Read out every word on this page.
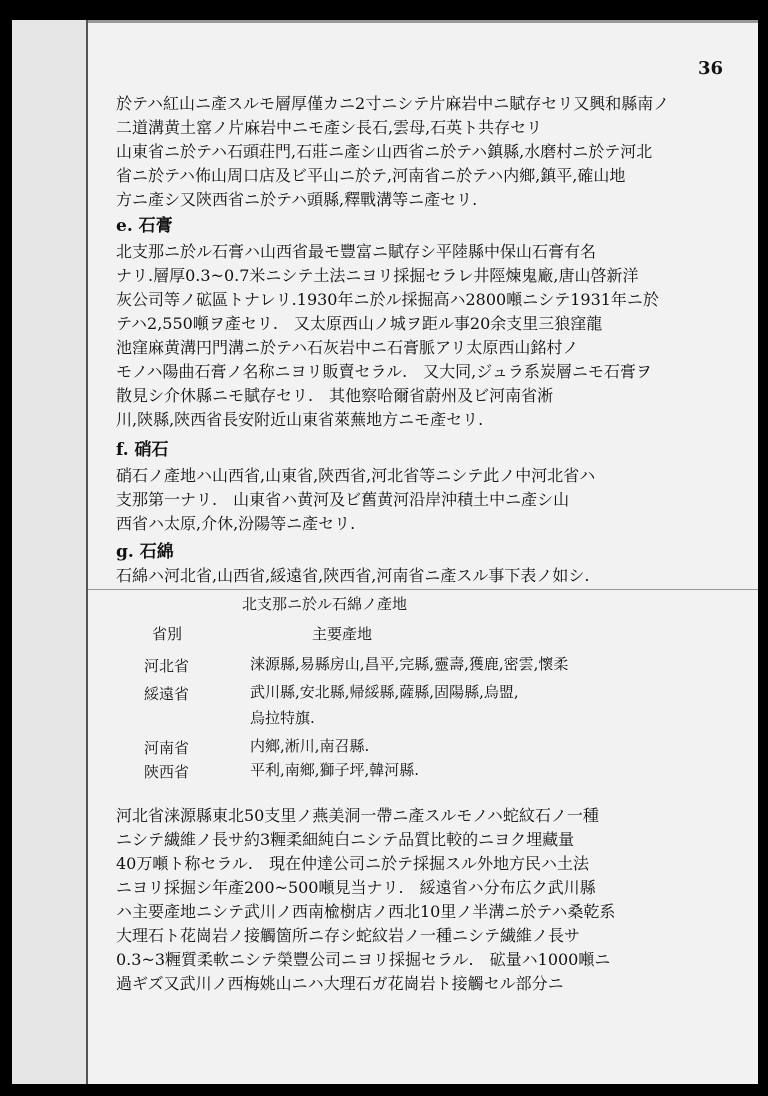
36
於テハ紅山ニ產スルモ層厚僅カニ2寸ニシテ片麻岩中ニ賦存セリ又興和縣南ノ
二道溝黄土窰ノ片麻岩中ニモ產シ長石,雲母,石英ト共存セリ
山東省ニ於テハ石頭荘門,石莊ニ產シ山西省ニ於テハ鎮縣,水磨村ニ於テ河北
省ニ於テハ佈山周口店及ビ平山ニ於テ,河南省ニ於テハ内鄉,鎮平,確山地
方ニ產シ又陝西省ニ於テハ頭縣,釋戰溝等ニ產セリ.
e. 石膏
北支那ニ於ル石膏ハ山西省最モ豐富ニ賦存シ平陸縣中保山石膏有名
ナリ.層厚0.3~0.7米ニシテ土法ニヨリ採掘セラレ井陘煉鬼廠,唐山啓新洋
灰公司等ノ砿區トナレリ.1930年ニ於ル採掘高ハ2800噸ニシテ1931年ニ於
テハ2,550噸ヲ產セリ.　又太原西山ノ城ヲ距ル事20余支里三狼窪龍
池窪麻黄溝円門溝ニ於テハ石灰岩中ニ石膏脈アリ太原西山銘村ノ
モノハ陽曲石膏ノ名称ニヨリ販賣セラル.　又大同,ジュラ系炭層ニモ石膏ヲ
散見シ介休縣ニモ賦存セリ.　其他察哈爾省蔚州及ビ河南省淅
川,陝縣,陝西省長安附近山東省萊蕪地方ニモ產セリ.
f. 硝石
硝石ノ產地ハ山西省,山東省,陝西省,河北省等ニシテ此ノ中河北省ハ
支那第一ナリ.　山東省ハ黄河及ビ舊黄河沿岸沖積土中ニ產シ山
西省ハ太原,介休,汾陽等ニ產セリ.
g. 石綿
石綿ハ河北省,山西省,綏遠省,陝西省,河南省ニ產スル事下表ノ如シ.
北支那ニ於ル石綿ノ產地
省別	主要產地
河北省	涞源縣,易縣房山,昌平,完縣,靈壽,獲鹿,密雲,懷柔
綏遠省	武川縣,安北縣,帰綏縣,薩縣,固陽縣,烏盟,
烏拉特旗.
河南省	内鄉,淅川,南召縣.
陝西省	平利,南鄉,獅子坪,韓河縣.
河北省涞源縣東北50支里ノ燕美洞一帶ニ產スルモノハ蛇紋石ノ一種
ニシテ繊維ノ長サ約3糎柔細純白ニシテ品質比較的ニヨク埋藏量
40万噸ト称セラル.　現在仲達公司ニ於テ採掘スル外地方民ハ土法
ニヨリ採掘シ年產200~500噸見当ナリ.　綏遠省ハ分布広ク武川縣
ハ主要產地ニシテ武川ノ西南楡樹店ノ西北10里ノ半溝ニ於テハ桑乾系
大理石ト花崗岩ノ接觸箇所ニ存シ蛇紋岩ノ一種ニシテ繊維ノ長サ
0.3~3糎質柔軟ニシテ榮豐公司ニヨリ採掘セラル.　砿量ハ1000噸ニ
過ギズ又武川ノ西梅姚山ニハ大理石ガ花崗岩ト接觸セル部分ニ
